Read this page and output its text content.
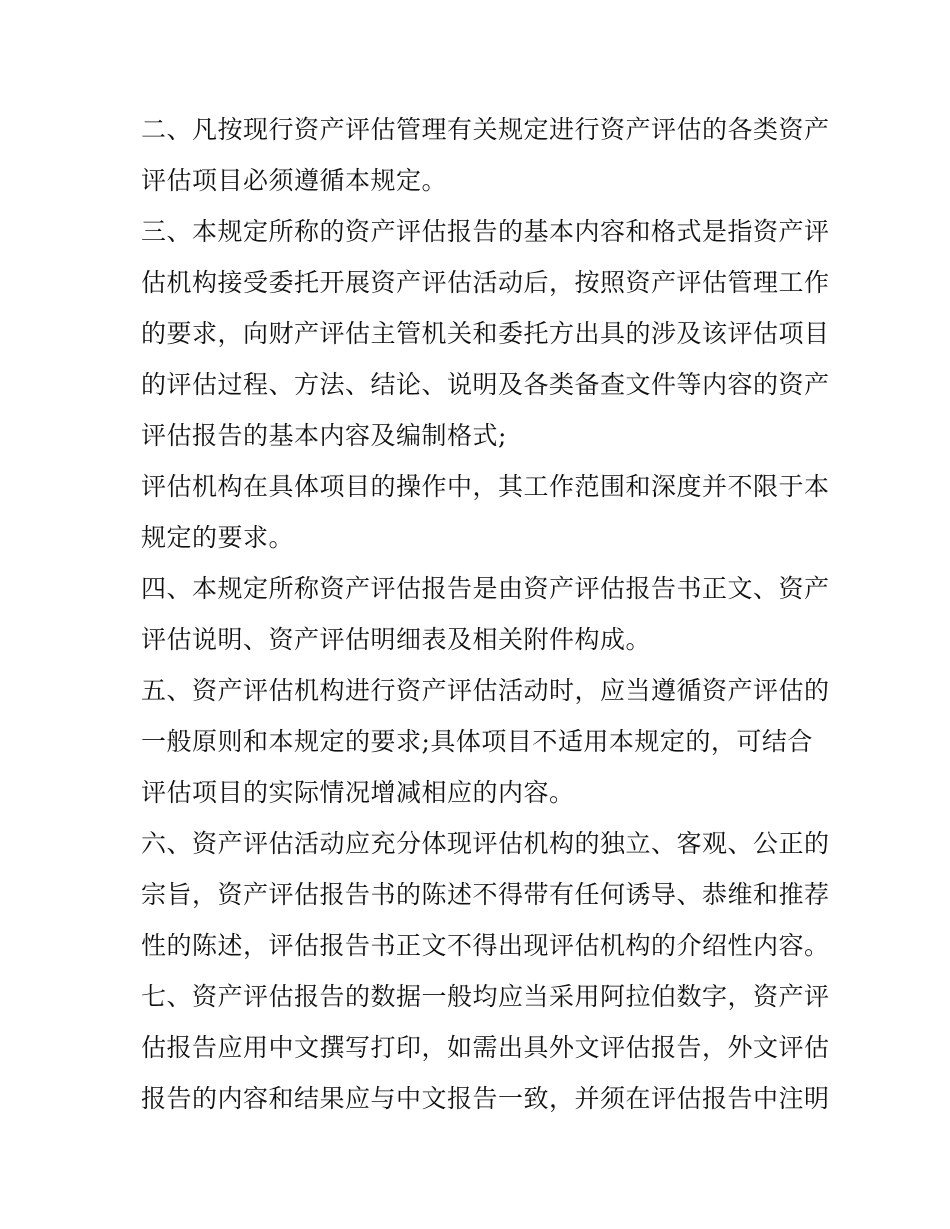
二、凡按现行资产评估管理有关规定进行资产评估的各类资产
评估项目必须遵循本规定。
三、本规定所称的资产评估报告的基本内容和格式是指资产评
估机构接受委托开展资产评估活动后，按照资产评估管理工作
的要求，向财产评估主管机关和委托方出具的涉及该评估项目
的评估过程、方法、结论、说明及各类备查文件等内容的资产
评估报告的基本内容及编制格式;
评估机构在具体项目的操作中，其工作范围和深度并不限于本
规定的要求。
四、本规定所称资产评估报告是由资产评估报告书正文、资产
评估说明、资产评估明细表及相关附件构成。
五、资产评估机构进行资产评估活动时，应当遵循资产评估的
一般原则和本规定的要求;具体项目不适用本规定的，可结合
评估项目的实际情况增减相应的内容。
六、资产评估活动应充分体现评估机构的独立、客观、公正的
宗旨，资产评估报告书的陈述不得带有任何诱导、恭维和推荐
性的陈述，评估报告书正文不得出现评估机构的介绍性内容。
七、资产评估报告的数据一般均应当采用阿拉伯数字，资产评
估报告应用中文撰写打印，如需出具外文评估报告，外文评估
报告的内容和结果应与中文报告一致，并须在评估报告中注明
